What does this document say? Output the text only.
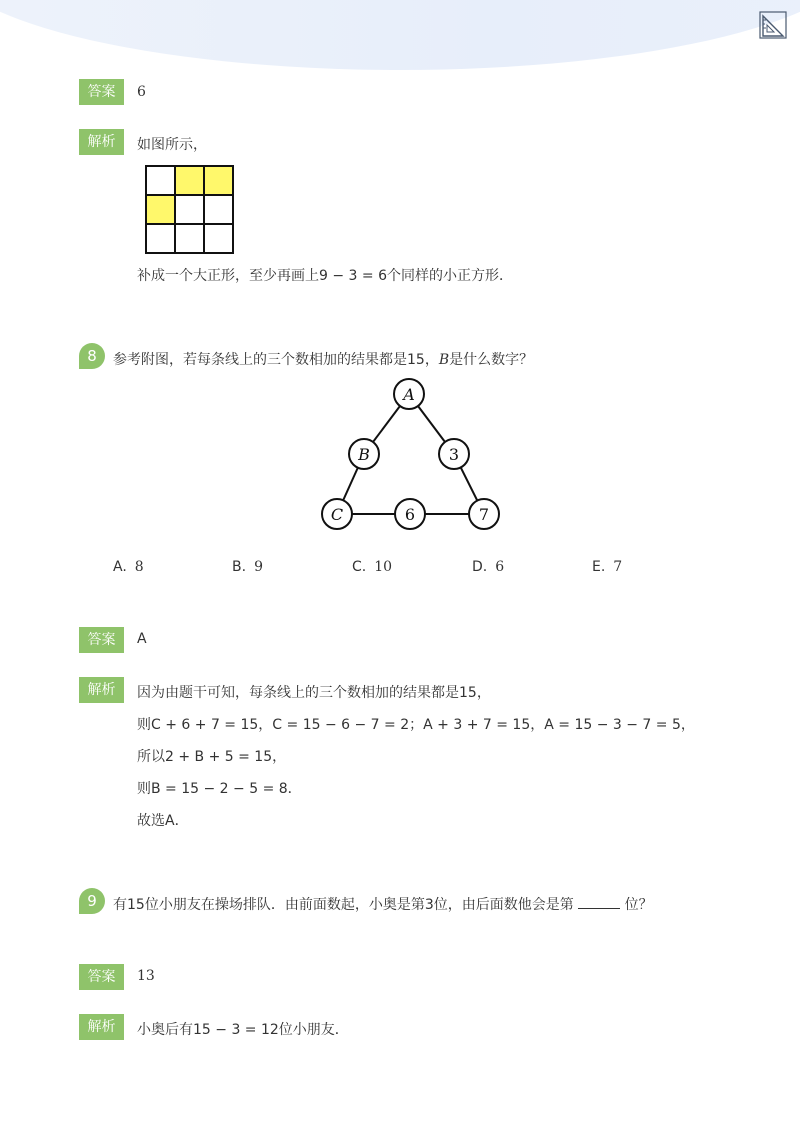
答案	6
解析	如图所示，

补成一个大正形，至少再画上9 − 3 = 6个同样的小正方形．
8	参考附图，若每条线上的三个数相加的结果都是15，B是什么数字？
A
B	3
C	6	7
A. 8	B. 9	C. 10	D. 6	E. 7
答案	A
解析	因为由题干可知，每条线上的三个数相加的结果都是15，
则C + 6 + 7 = 15，C = 15 − 6 − 7 = 2；A + 3 + 7 = 15，A = 15 − 3 − 7 = 5，
所以2 + B + 5 = 15，
则B = 15 − 2 − 5 = 8．
故选A．
9	有15位小朋友在操场排队．由前面数起，小奥是第3位，由后面数他会是第	位？
答案	13
解析	小奥后有15 − 3 = 12位小朋友．
